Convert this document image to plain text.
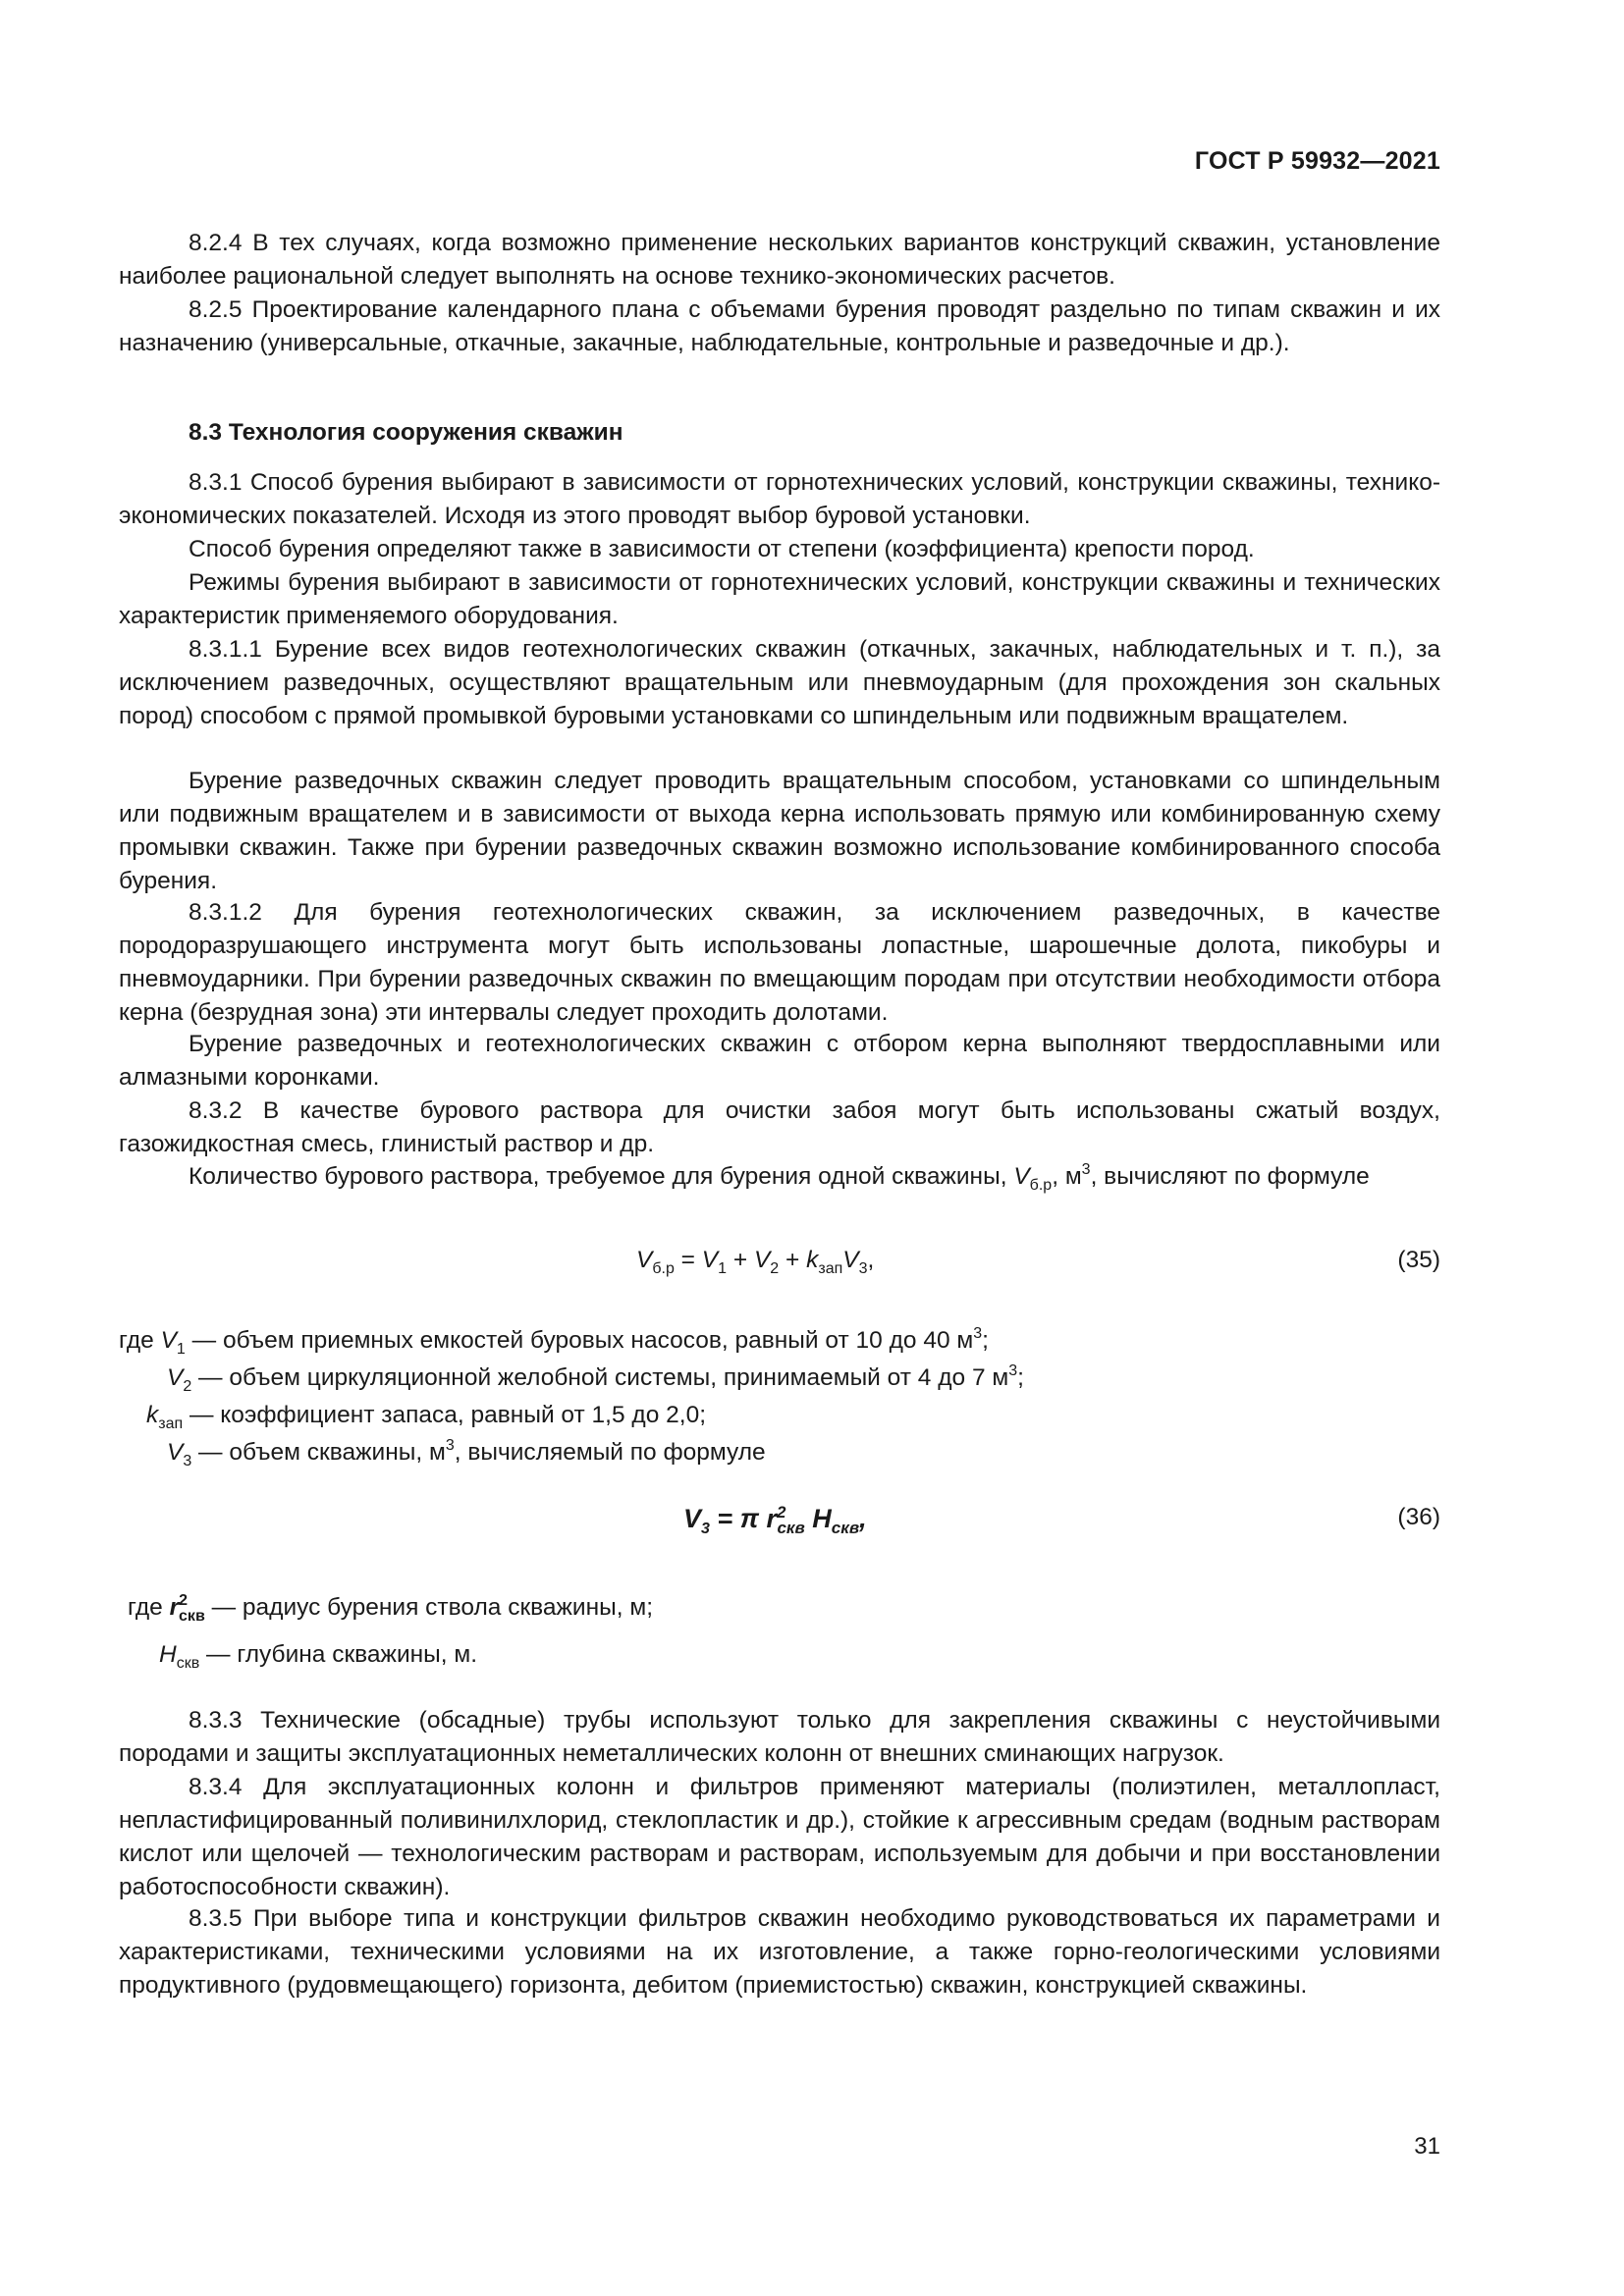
ГОСТ Р 59932—2021

8.2.4 В тех случаях, когда возможно применение нескольких вариантов конструкций скважин, установление наиболее рациональной следует выполнять на основе технико-экономических расчетов.

8.2.5 Проектирование календарного плана с объемами бурения проводят раздельно по типам скважин и их назначению (универсальные, откачные, закачные, наблюдательные, контрольные и разведочные и др.).

8.3 Технология сооружения скважин

8.3.1 Способ бурения выбирают в зависимости от горнотехнических условий, конструкции скважины, технико-экономических показателей. Исходя из этого проводят выбор буровой установки.

Способ бурения определяют также в зависимости от степени (коэффициента) крепости пород.

Режимы бурения выбирают в зависимости от горнотехнических условий, конструкции скважины и технических характеристик применяемого оборудования.

8.3.1.1 Бурение всех видов геотехнологических скважин (откачных, закачных, наблюдательных и т. п.), за исключением разведочных, осуществляют вращательным или пневмоударным (для прохождения зон скальных пород) способом с прямой промывкой буровыми установками со шпиндельным или подвижным вращателем.

Бурение разведочных скважин следует проводить вращательным способом, установками со шпиндельным или подвижным вращателем и в зависимости от выхода керна использовать прямую или комбинированную схему промывки скважин. Также при бурении разведочных скважин возможно использование комбинированного способа бурения.

8.3.1.2 Для бурения геотехнологических скважин, за исключением разведочных, в качестве породоразрушающего инструмента могут быть использованы лопастные, шарошечные долота, пикобуры и пневмоударники. При бурении разведочных скважин по вмещающим породам при отсутствии необходимости отбора керна (безрудная зона) эти интервалы следует проходить долотами.

Бурение разведочных и геотехнологических скважин с отбором керна выполняют твердосплавными или алмазными коронками.

8.3.2 В качестве бурового раствора для очистки забоя могут быть использованы сжатый воздух, газожидкостная смесь, глинистый раствор и др.

Количество бурового раствора, требуемое для бурения одной скважины, $V_{б.р}$, $м^3$, вычисляют по формуле

$V_{б.р} = V_1 + V_2 + k_{зап}V_3$,	(35)
где $V_1$ — объем приемных емкостей буровых насосов, равный от 10 до 40 $м^3$;
$V_2$ — объем циркуляционной желобной системы, принимаемый от 4 до 7 $м^3$;
$k_{зап}$ — коэффициент запаса, равный от 1,5 до 2,0;
$V_3$ — объем скважины, $м^3$, вычисляемый по формуле
$V_3 = \pi$ $r^2_{скв}$ $H_{скв}$,	(36)
где $r^2_{скв}$ — радиус бурения ствола скважины, м;
$H_{скв}$ — глубина скважины, м.

8.3.3 Технические (обсадные) трубы используют только для закрепления скважины с неустойчивыми породами и защиты эксплуатационных неметаллических колонн от внешних сминающих нагрузок.

8.3.4 Для эксплуатационных колонн и фильтров применяют материалы (полиэтилен, металлопласт, непластифицированный поливинилхлорид, стеклопластик и др.), стойкие к агрессивным средам (водным растворам кислот или щелочей — технологическим растворам и растворам, используемым для добычи и при восстановлении работоспособности скважин).

8.3.5 При выборе типа и конструкции фильтров скважин необходимо руководствоваться их параметрами и характеристиками, техническими условиями на их изготовление, а также горно-геологическими условиями продуктивного (рудовмещающего) горизонта, дебитом (приемистостью) скважин, конструкцией скважины.

31
